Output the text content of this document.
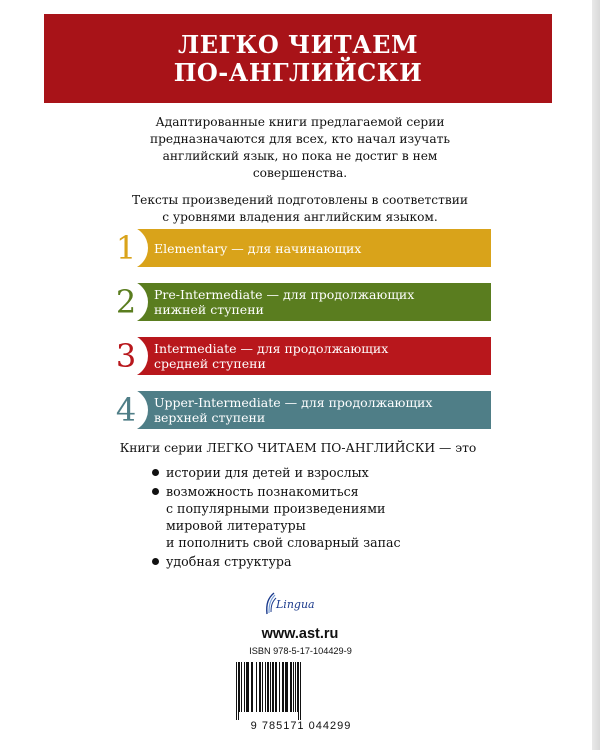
ЛЕГКО ЧИТАЕМ
ПО-АНГЛИЙСКИ

Адаптированные книги предлагаемой серии
предназначаются для всех, кто начал изучать
английский язык, но пока не достиг в нем
совершенства.

Тексты произведений подготовлены в соответствии
с уровнями владения английским языком.

1	Elementary — для начинающих
2	Pre-Intermediate — для продолжающих
нижней ступени
3	Intermediate — для продолжающих
средней ступени
4	Upper-Intermediate — для продолжающих
верхней ступени
Книги серии ЛЕГКО ЧИТАЕМ ПО-АНГЛИЙСКИ — это
истории для детей и взрослых
возможность познакомиться
с популярными произведениями
мировой литературы
и пополнить свой словарный запас
удобная структура
Lingua
www.ast.ru
ISBN 978-5-17-104429-9
9 785171 044299
